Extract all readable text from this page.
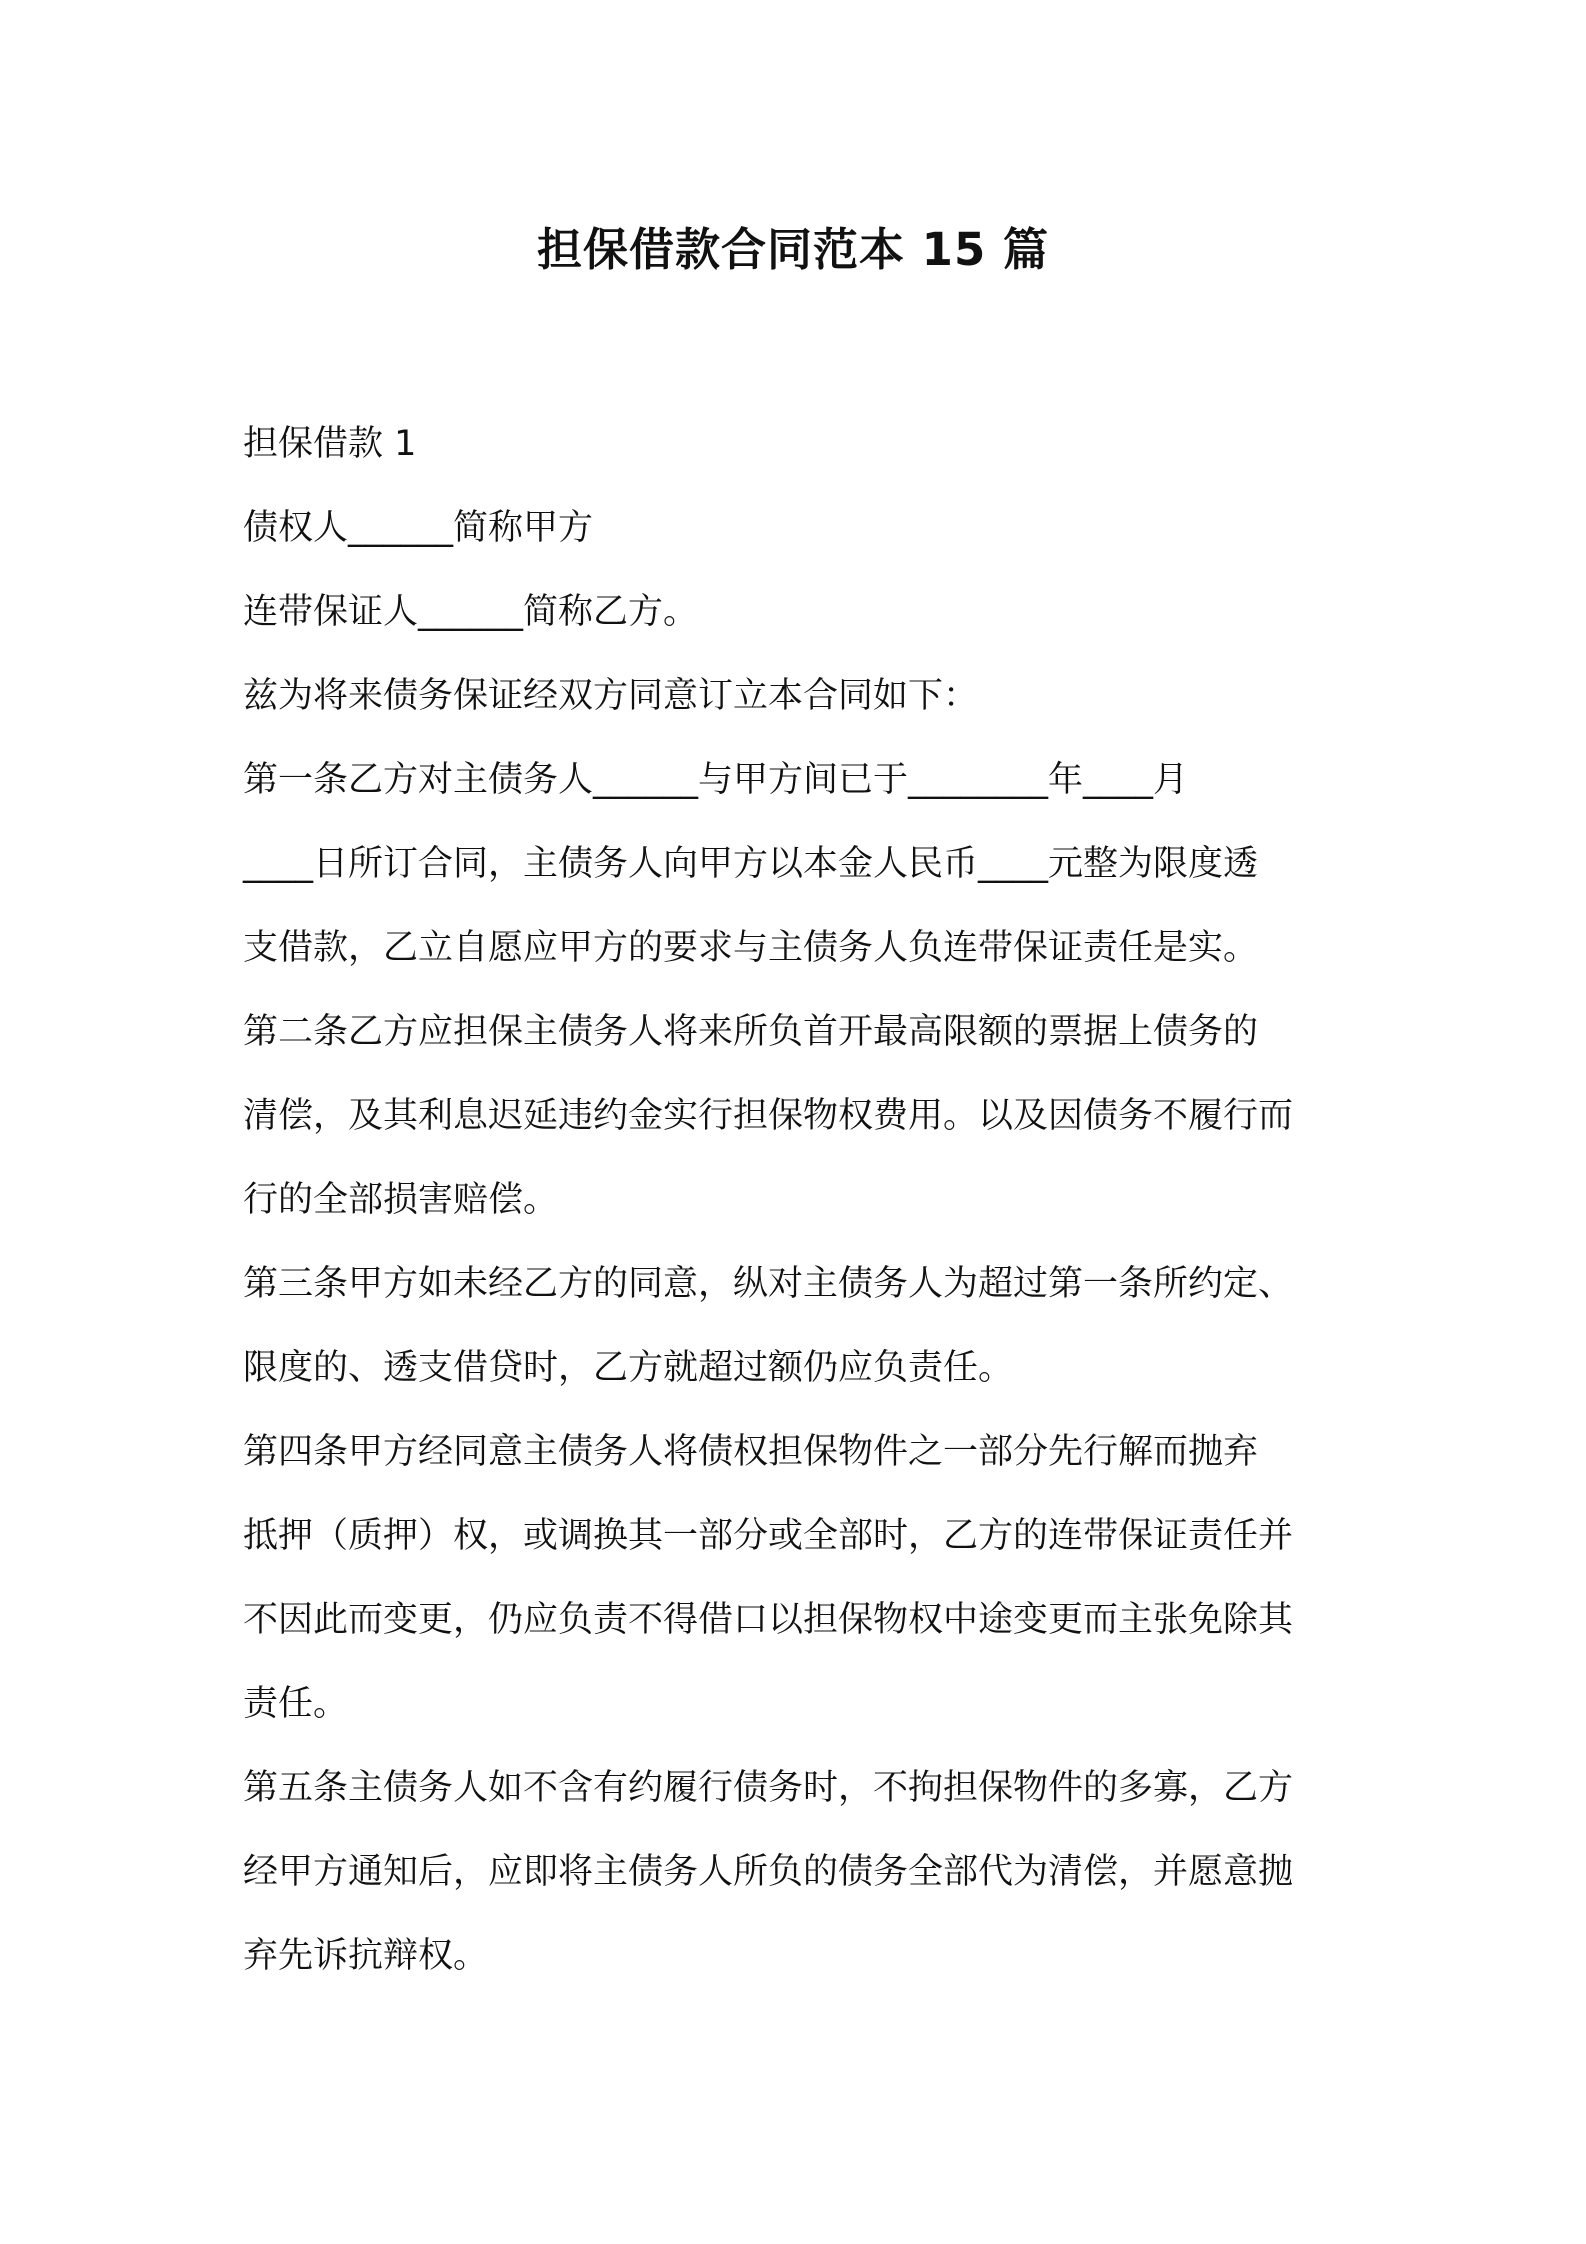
担保借款合同范本 15 篇
担保借款 1
债权人______简称甲方
连带保证人______简称乙方。
兹为将来债务保证经双方同意订立本合同如下：
第一条乙方对主债务人______与甲方间已于________年____月
____日所订合同，主债务人向甲方以本金人民币____元整为限度透
支借款，乙立自愿应甲方的要求与主债务人负连带保证责任是实。
第二条乙方应担保主债务人将来所负首开最高限额的票据上债务的
清偿，及其利息迟延违约金实行担保物权费用。以及因债务不履行而
行的全部损害赔偿。
第三条甲方如未经乙方的同意，纵对主债务人为超过第一条所约定、
限度的、透支借贷时，乙方就超过额仍应负责任。
第四条甲方经同意主债务人将债权担保物件之一部分先行解而抛弃
抵押（质押）权，或调换其一部分或全部时，乙方的连带保证责任并
不因此而变更，仍应负责不得借口以担保物权中途变更而主张免除其
责任。
第五条主债务人如不含有约履行债务时，不拘担保物件的多寡，乙方
经甲方通知后，应即将主债务人所负的债务全部代为清偿，并愿意抛
弃先诉抗辩权。
